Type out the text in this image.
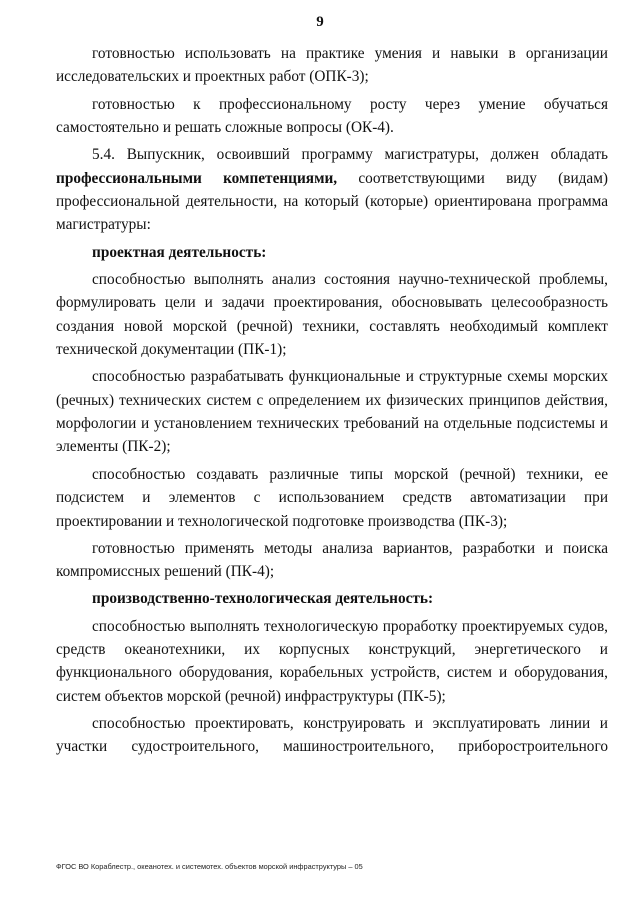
9

готовностью использовать на практике умения и навыки в организации исследовательских и проектных работ (ОПК-3);

готовностью к профессиональному росту через умение обучаться самостоятельно и решать сложные вопросы (ОК-4).

5.4. Выпускник, освоивший программу магистратуры, должен обладать профессиональными компетенциями, соответствующими виду (видам) профессиональной деятельности, на который (которые) ориентирована программа магистратуры:

проектная деятельность:

способностью выполнять анализ состояния научно-технической проблемы, формулировать цели и задачи проектирования, обосновывать целесообразность создания новой морской (речной) техники, составлять необходимый комплект технической документации (ПК-1);

способностью разрабатывать функциональные и структурные схемы морских (речных) технических систем с определением их физических принципов действия, морфологии и установлением технических требований на отдельные подсистемы и элементы (ПК-2);

способностью создавать различные типы морской (речной) техники, ее подсистем и элементов с использованием средств автоматизации при проектировании и технологической подготовке производства (ПК-3);

готовностью применять методы анализа вариантов, разработки и поиска компромиссных решений (ПК-4);

производственно-технологическая деятельность:

способностью выполнять технологическую проработку проектируемых судов, средств океанотехники, их корпусных конструкций, энергетического и функционального оборудования, корабельных устройств, систем и оборудования, систем объектов морской (речной) инфраструктуры (ПК-5);

способностью проектировать, конструировать и эксплуатировать линии и участки судостроительного, машиностроительного, приборостроительного

ФГОС ВО Кораблестр., океанотех. и системотех. объектов морской инфраструктуры – 05
